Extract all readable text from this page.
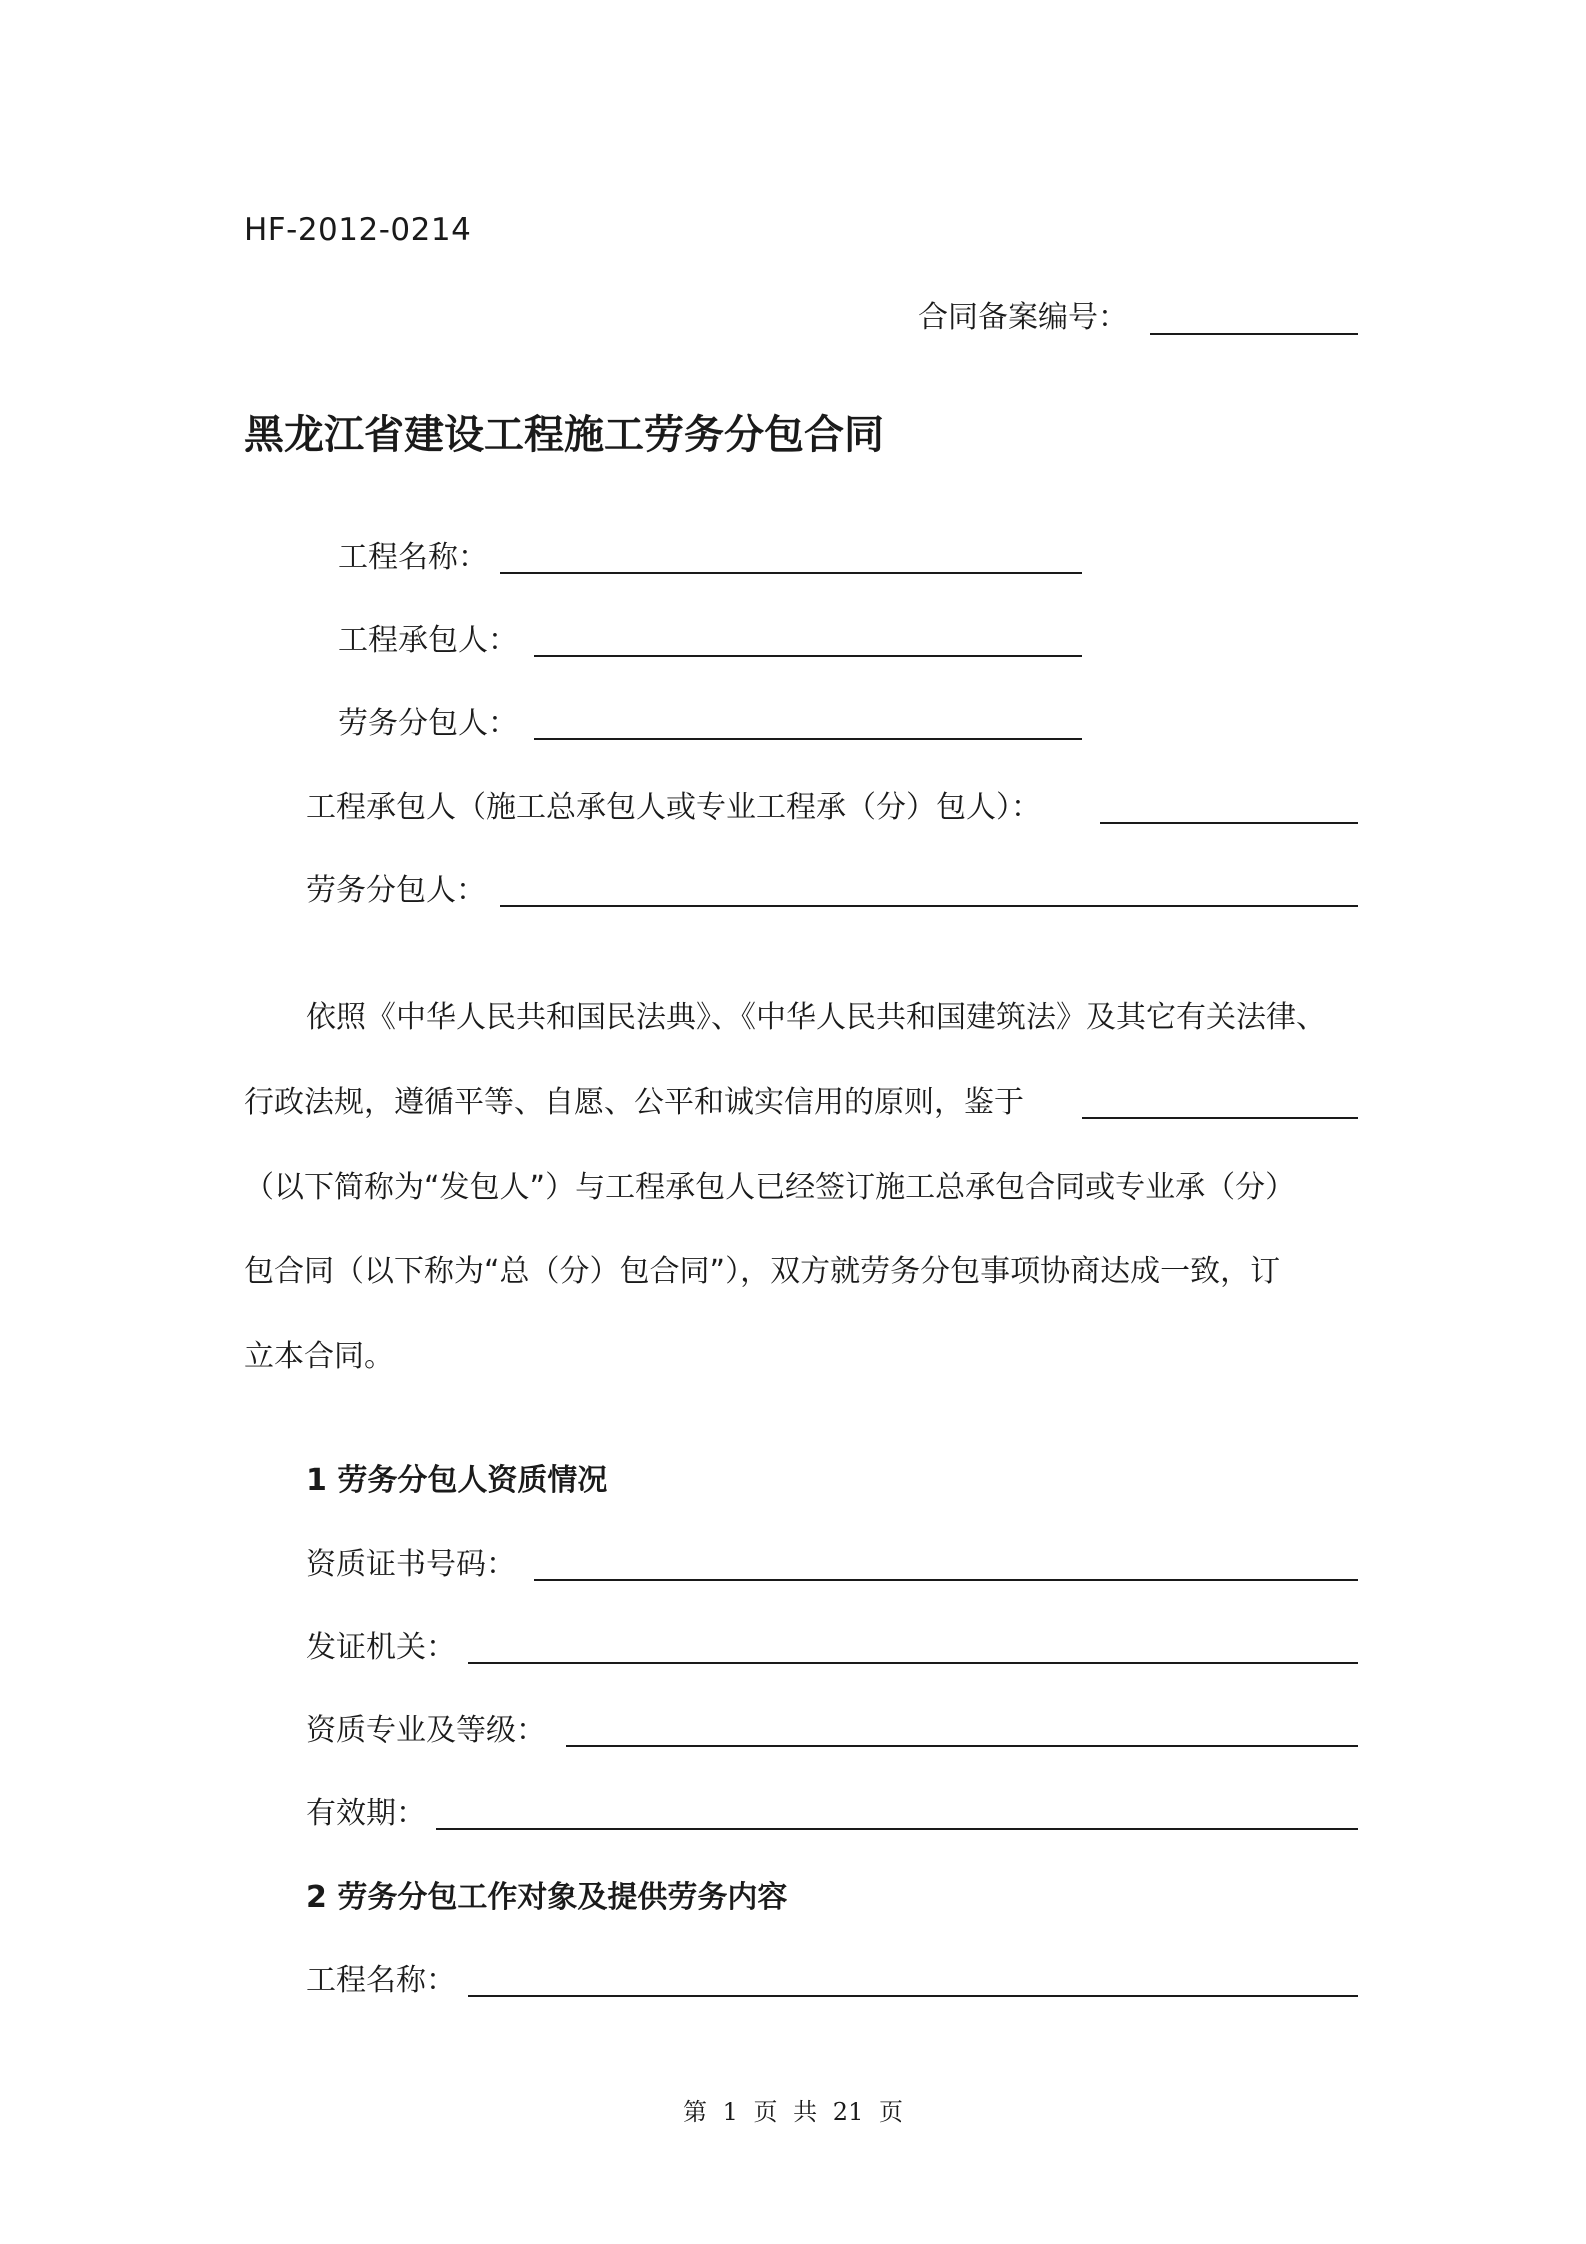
HF-2012-0214
合同备案编号：
黑龙江省建设工程施工劳务分包合同
工程名称：
工程承包人：
劳务分包人：
工程承包人（施工总承包人或专业工程承（分）包人）：
劳务分包人：
依照《中华人民共和国民法典》、《中华人民共和国建筑法》及其它有关法律、
行政法规，遵循平等、自愿、公平和诚实信用的原则，鉴于
（以下简称为“发包人”）与工程承包人已经签订施工总承包合同或专业承（分）
包合同（以下称为“总（分）包合同”），双方就劳务分包事项协商达成一致，订
立本合同。
1 劳务分包人资质情况
资质证书号码：
发证机关：
资质专业及等级：
有效期：
2 劳务分包工作对象及提供劳务内容
工程名称：
第 1 页 共 21 页
